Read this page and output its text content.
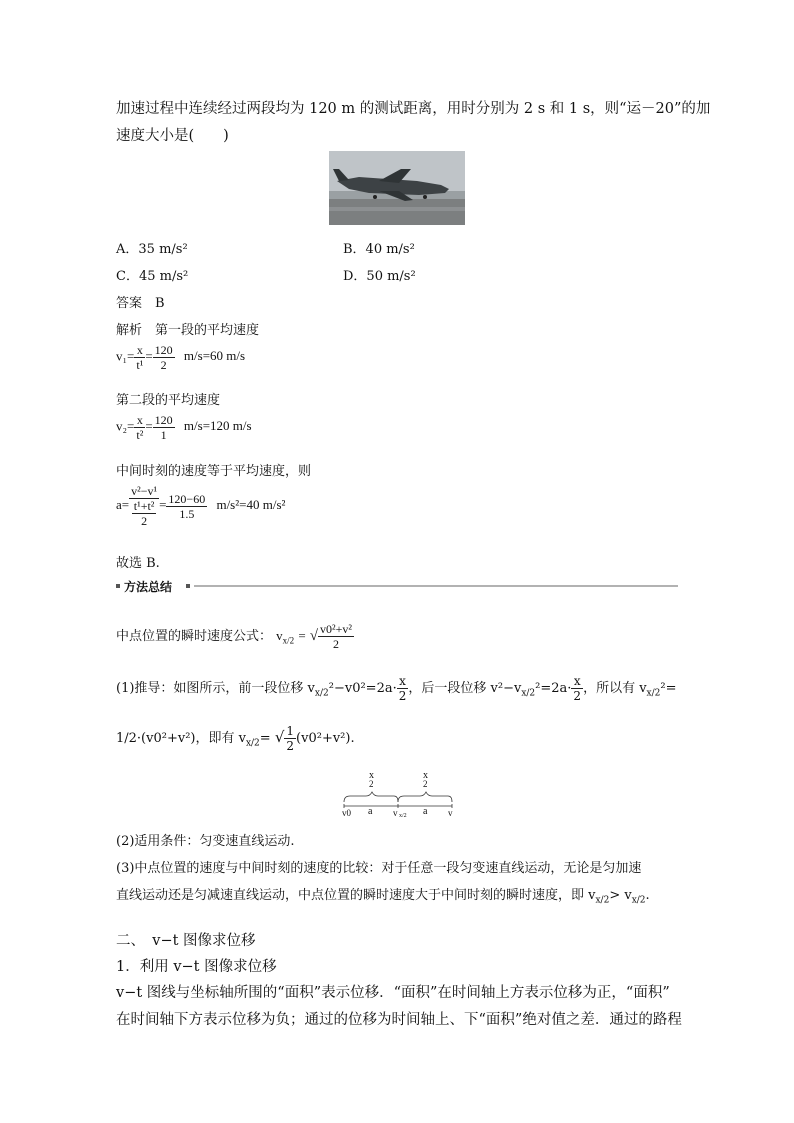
加速过程中连续经过两段均为 120 m 的测试距离，用时分别为 2 s 和 1 s，则“运－20”的加
速度大小是(　　)
A．35 m/s²	B．40 m/s²
C．45 m/s²	D．50 m/s²
答案　B
解析　第一段的平均速度
$v_1= \frac{x}{\text{t¹}} = \frac{120}{2} m/s=60$ m/s
第二段的平均速度
$v_2= \frac{x}{\text{t²}} = \frac{120}{1} m/s=120$ m/s
中间时刻的速度等于平均速度，则
$a= \frac{\text{v²−v¹}}{\frac{\text{t¹+t²}}{2}} = \frac{120-60}{1.5} m/s^2=40$ m/s²
故选 B.
方法总结
中点位置的瞬时速度公式： $v_{x/2}$ = √ $\frac{\text{v0²+v²}}{2}$
(1)推导：如图所示，前一段位移 $v_{x/2}^2-v0^2=2a\cdot \frac{x}{2}$ ，后一段位移 $v^2-v_{x/2}^2=2a\cdot \frac{x}{2}$ ，所以有 $v_{x/2}^2=$
1/2·(v0²+v²)，即有 $v_{x/2}=$ √ $\frac{1}{2} (v0^2+v^2)$.
x
2
x
2
v0 a v x/2 a v
(2)适用条件：匀变速直线运动.
(3)中点位置的速度与中间时刻的速度的比较：对于任意一段匀变速直线运动，无论是匀加速
直线运动还是匀减速直线运动，中点位置的瞬时速度大于中间时刻的瞬时速度，即 $v_{x/2}> v_{x/2}$.
二、　v−t 图像求位移
1．利用 v−t 图像求位移
v−t 图线与坐标轴所围的“面积”表示位移．“面积”在时间轴上方表示位移为正，“面积”
在时间轴下方表示位移为负；通过的位移为时间轴上、下“面积”绝对值之差．通过的路程
